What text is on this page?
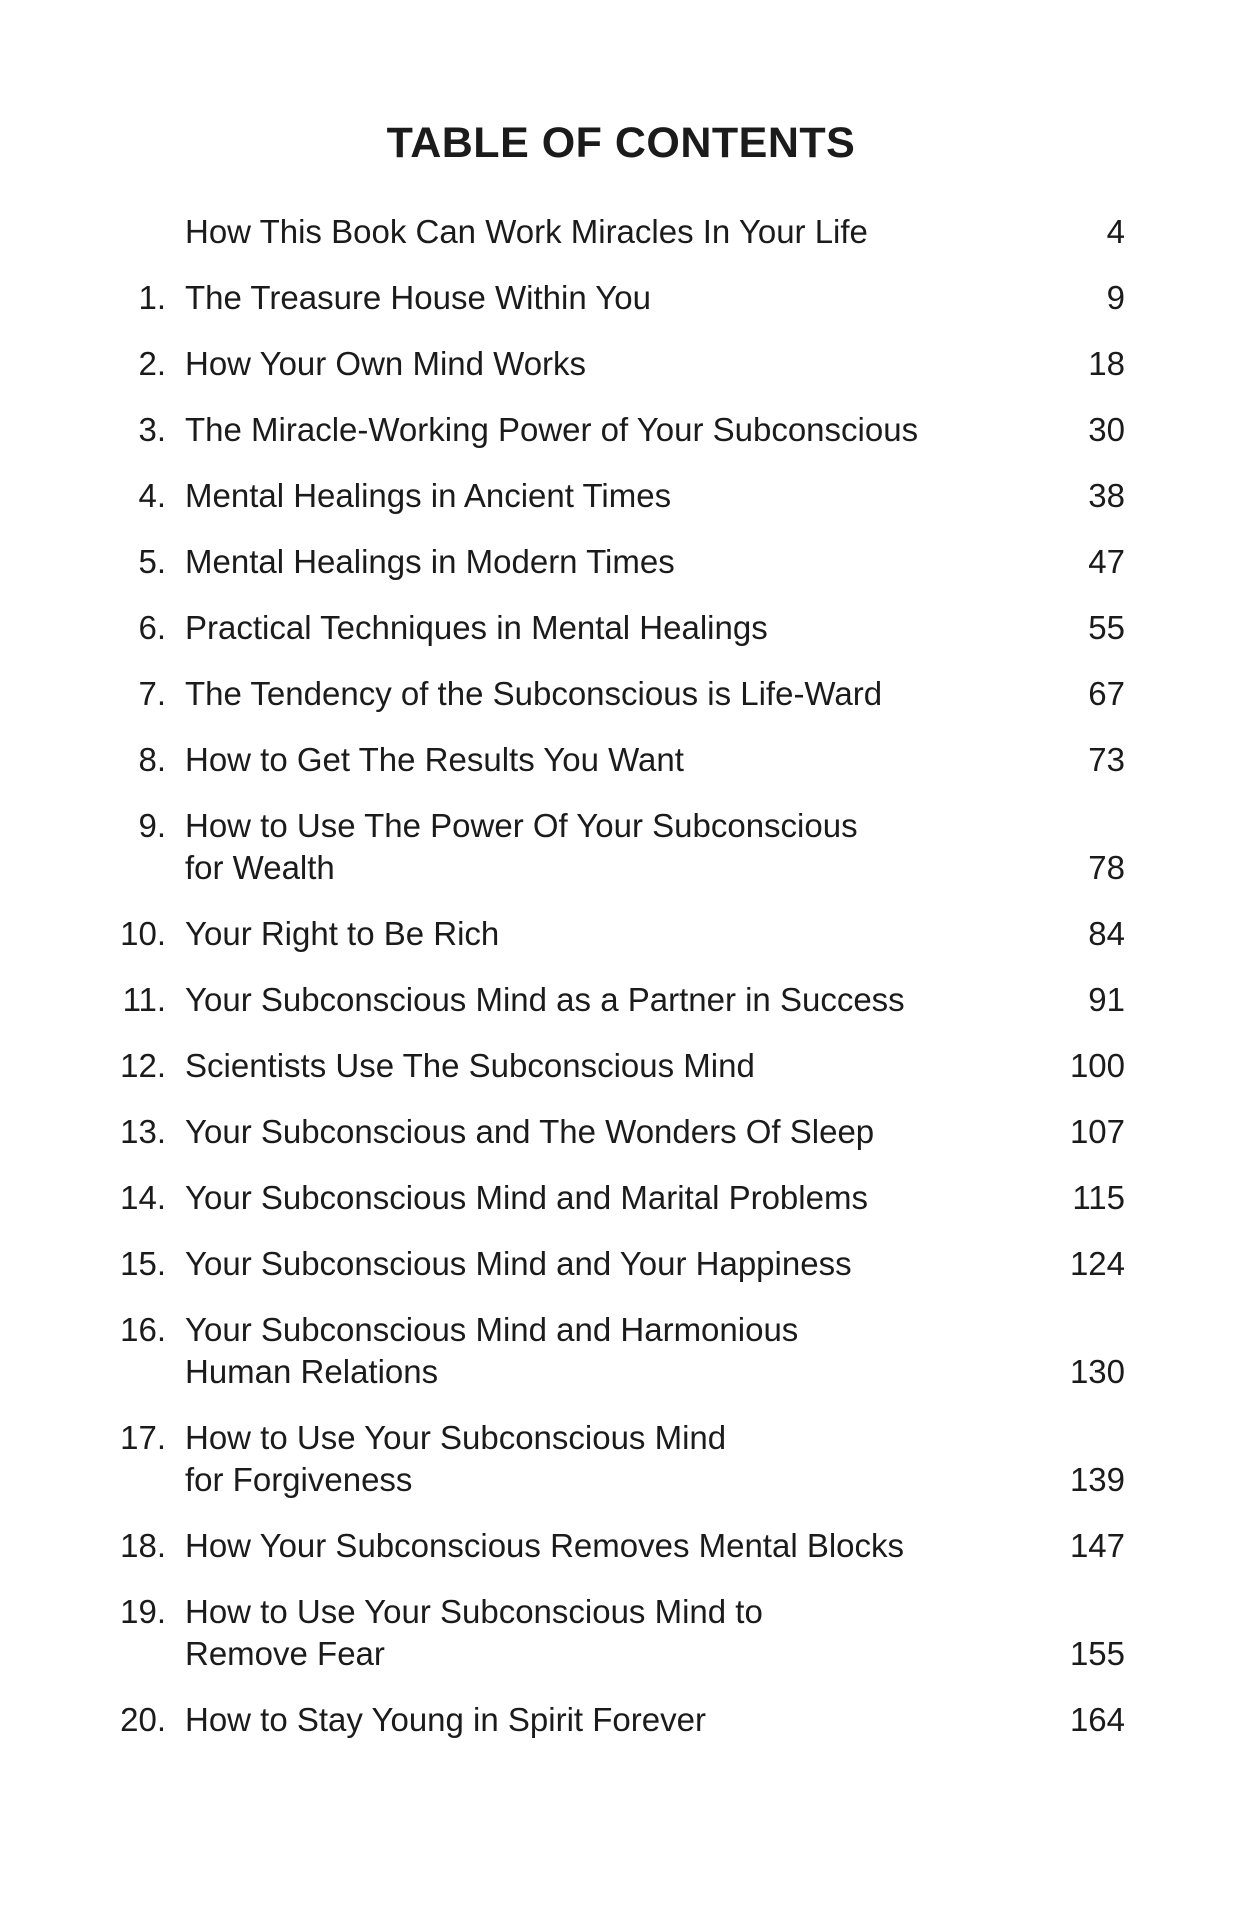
TABLE OF CONTENTS
How This Book Can Work Miracles In Your Life	4
1. The Treasure House Within You	9
2. How Your Own Mind Works	18
3. The Miracle-Working Power of Your Subconscious	30
4. Mental Healings in Ancient Times	38
5. Mental Healings in Modern Times	47
6. Practical Techniques in Mental Healings	55
7. The Tendency of the Subconscious is Life-Ward	67
8. How to Get The Results You Want	73
9. How to Use The Power Of Your Subconscious
for Wealth	78
10. Your Right to Be Rich	84
11. Your Subconscious Mind as a Partner in Success	91
12. Scientists Use The Subconscious Mind	100
13. Your Subconscious and The Wonders Of Sleep	107
14. Your Subconscious Mind and Marital Problems	115
15. Your Subconscious Mind and Your Happiness	124
16. Your Subconscious Mind and Harmonious
Human Relations	130
17. How to Use Your Subconscious Mind
for Forgiveness	139
18. How Your Subconscious Removes Mental Blocks	147
19. How to Use Your Subconscious Mind to
Remove Fear	155
20. How to Stay Young in Spirit Forever	164
